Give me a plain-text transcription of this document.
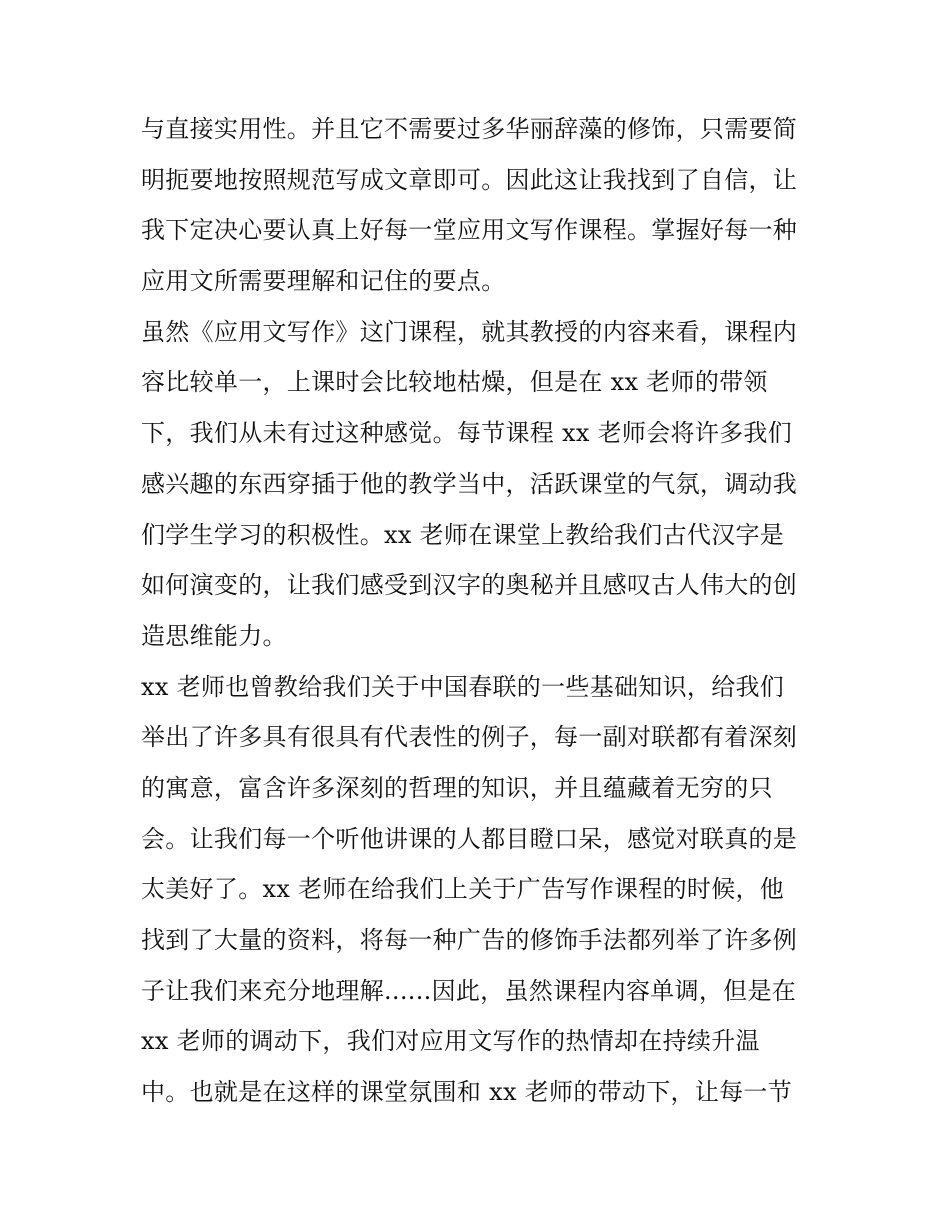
与直接实用性。并且它不需要过多华丽辞藻的修饰，只需要简
明扼要地按照规范写成文章即可。因此这让我找到了自信，让
我下定决心要认真上好每一堂应用文写作课程。掌握好每一种
应用文所需要理解和记住的要点。
虽然《应用文写作》这门课程，就其教授的内容来看，课程内
容比较单一，上课时会比较地枯燥，但是在 xx 老师的带领
下，我们从未有过这种感觉。每节课程 xx 老师会将许多我们
感兴趣的东西穿插于他的教学当中，活跃课堂的气氛，调动我
们学生学习的积极性。xx 老师在课堂上教给我们古代汉字是
如何演变的，让我们感受到汉字的奥秘并且感叹古人伟大的创
造思维能力。
xx 老师也曾教给我们关于中国春联的一些基础知识，给我们
举出了许多具有很具有代表性的例子，每一副对联都有着深刻
的寓意，富含许多深刻的哲理的知识，并且蕴藏着无穷的只
会。让我们每一个听他讲课的人都目瞪口呆，感觉对联真的是
太美好了。xx 老师在给我们上关于广告写作课程的时候，他
找到了大量的资料，将每一种广告的修饰手法都列举了许多例
子让我们来充分地理解......因此，虽然课程内容单调，但是在
xx 老师的调动下，我们对应用文写作的热情却在持续升温
中。也就是在这样的课堂氛围和 xx 老师的带动下，让每一节
